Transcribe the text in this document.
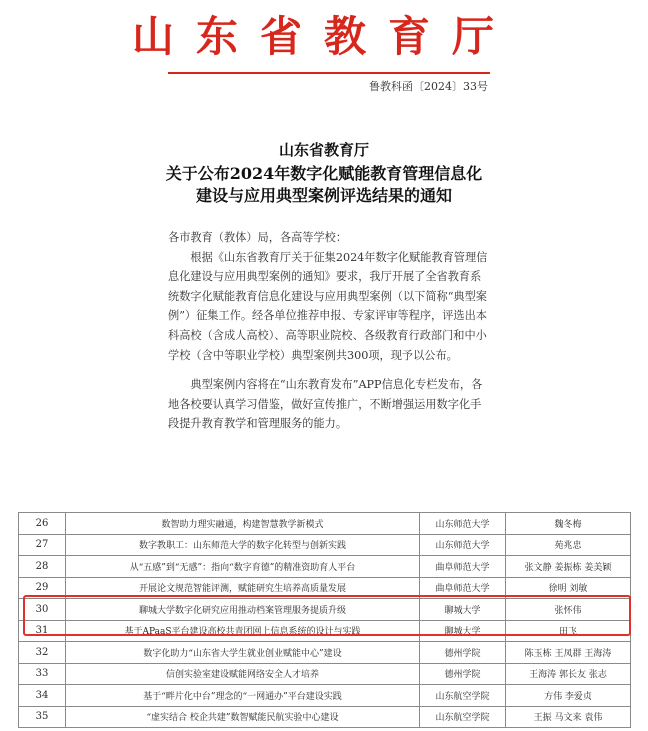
山东省教育厅
鲁教科函〔2024〕33号
山东省教育厅
关于公布2024年数字化赋能教育管理信息化
建设与应用典型案例评选结果的通知

各市教育（教体）局，各高等学校：

根据《山东省教育厅关于征集2024年数字化赋能教育管理信息化建设与应用典型案例的通知》要求，我厅开展了全省教育系统数字化赋能教育信息化建设与应用典型案例（以下简称“典型案例”）征集工作。经各单位推荐申报、专家评审等程序，评选出本科高校（含成人高校）、高等职业院校、各级教育行政部门和中小学校（含中等职业学校）典型案例共300项，现予以公布。

典型案例内容将在“山东教育发布”APP信息化专栏发布，各地各校要认真学习借鉴，做好宣传推广，不断增强运用数字化手段提升教育教学和管理服务的能力。

26	数智助力理实融通，构建智慧教学新模式	山东师范大学	魏冬梅
27	数字教职工：山东师范大学的数字化转型与创新实践	山东师范大学	苑兆忠
28	从“五感”到“无感”：指向“数字育德”的精准资助育人平台	曲阜师范大学	张文静 姜振栋 姜美颖
29	开展论文规范智能评测，赋能研究生培养高质量发展	曲阜师范大学	徐明 刘敏
30	聊城大学数字化研究应用推动档案管理服务提质升级	聊城大学	张怀伟
31	基于APaaS平台建设高校共青团网上信息系统的设计与实践	聊城大学	田飞
32	数字化助力“山东省大学生就业创业赋能中心”建设	德州学院	陈玉栋 王凤群 王海涛
33	信创实验室建设赋能网络安全人才培养	德州学院	王海涛 郭长友 张志
34	基于“畔片化中台”理念的“一网通办”平台建设实践	山东航空学院	方伟 李爱贞
35	“虚实结合 校企共建”数智赋能民航实验中心建设	山东航空学院	王振 马文来 袁伟
